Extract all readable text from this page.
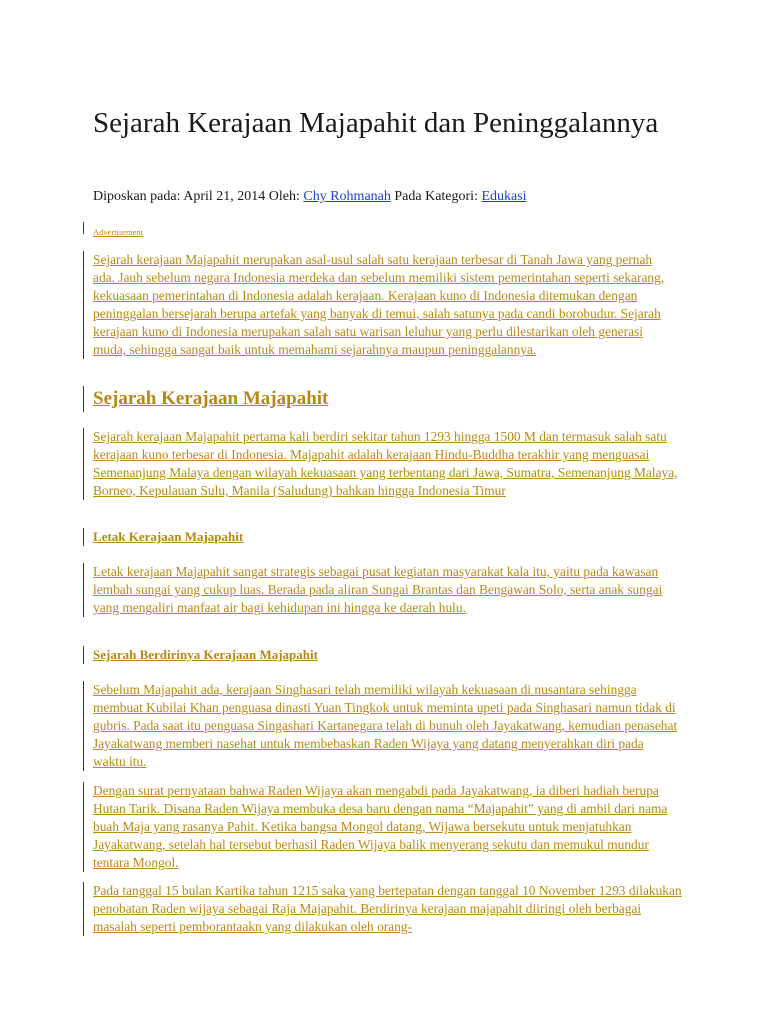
Sejarah Kerajaan Majapahit dan Peninggalannya
Diposkan pada: April 21, 2014 Oleh: Chy Rohmanah Pada Kategori: Edukasi
Advertisement
Sejarah kerajaan Majapahit merupakan asal-usul salah satu kerajaan terbesar di Tanah Jawa yang pernah ada. Jauh sebelum negara Indonesia merdeka dan sebelum memiliki sistem pemerintahan seperti sekarang, kekuasaan pemerintahan di Indonesia adalah kerajaan. Kerajaan kuno di Indonesia ditemukan dengan peninggalan bersejarah berupa artefak yang banyak di temui, salah satunya pada candi borobudur. Sejarah kerajaan kuno di Indonesia merupakan salah satu warisan leluhur yang perlu dilestarikan oleh generasi muda, sehingga sangat baik untuk memahami sejarahnya maupun peninggalannya.
Sejarah Kerajaan Majapahit
Sejarah kerajaan Majapahit pertama kali berdiri sekitar tahun 1293 hingga 1500 M dan termasuk salah satu kerajaan kuno terbesar di Indonesia. Majapahit adalah kerajaan Hindu-Buddha terakhir yang menguasai Semenanjung Malaya dengan wilayah kekuasaan yang terbentang dari Jawa, Sumatra, Semenanjung Malaya, Borneo, Kepulauan Sulu, Manila (Saludung) bahkan hingga Indonesia Timur
Letak Kerajaan Majapahit
Letak kerajaan Majapahit sangat strategis sebagai pusat kegiatan masyarakat kala itu, yaitu pada kawasan lembah sungai yang cukup luas. Berada pada aliran Sungai Brantas dan Bengawan Solo, serta anak sungai yang mengaliri manfaat air bagi kehidupan ini hingga ke daerah hulu.
Sejarah Berdirinya Kerajaan Majapahit
Sebelum Majapahit ada, kerajaan Singhasari telah memiliki wilayah kekuasaan di nusantara sehingga membuat Kubilai Khan penguasa dinasti Yuan Tingkok untuk meminta upeti pada Singhasari namun tidak di gubris. Pada saat itu penguasa Singashari Kartanegara telah di bunuh oleh Jayakatwang, kemudian penasehat Jayakatwang memberi nasehat untuk membebaskan Raden Wijaya yang datang menyerahkan diri pada waktu itu.
Dengan surat pernyataan bahwa Raden Wijaya akan mengabdi pada Jayakatwang, ia diberi hadiah berupa Hutan Tarik. Disana Raden Wijaya membuka desa baru dengan nama “Majapahit” yang di ambil dari nama buah Maja yang rasanya Pahit. Ketika bangsa Mongol datang, Wijawa bersekutu untuk menjatuhkan Jayakatwang, setelah hal tersebut berhasil Raden Wijaya balik menyerang sekutu dan memukul mundur tentara Mongol.
Pada tanggal 15 bulan Kartika tahun 1215 saka yang bertepatan dengan tanggal 10 November 1293 dilakukan penobatan Raden wijaya sebagai Raja Majapahit. Berdirinya kerajaan majapahit diiringi oleh berbagai masalah seperti pemborantaakn yang dilakukan oleh orang-
